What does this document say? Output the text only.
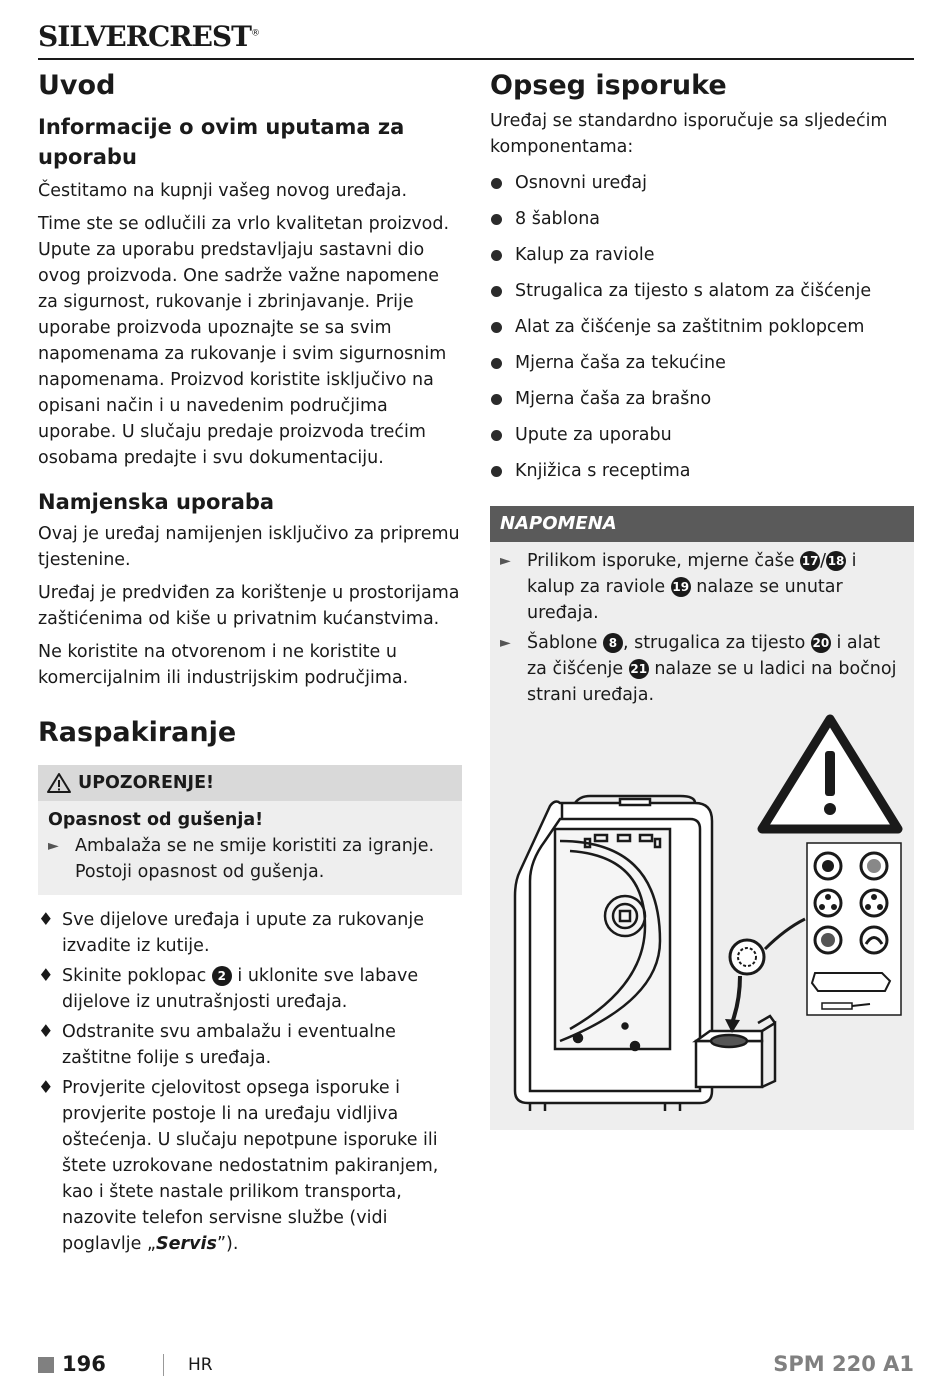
SILVERCREST®
Uvod
Informacije o ovim uputama za uporabu

Čestitamo na kupnji vašeg novog uređaja.

Time ste se odlučili za vrlo kvalitetan proizvod. Upute za uporabu predstavljaju sastavni dio ovog proizvoda. One sadrže važne napomene za sigurnost, rukovanje i zbrinjavanje. Prije uporabe proizvoda upoznajte se sa svim napomenama za rukovanje i svim sigurnosnim napomenama. Proizvod koristite isključivo na opisani način i u navedenim područjima uporabe. U slučaju predaje proizvoda trećim osobama predajte i svu dokumentaciju.

Namjenska uporaba

Ovaj je uređaj namijenjen isključivo za pripremu tjestenine.

Uređaj je predviđen za korištenje u prostorijama zaštićenima od kiše u privatnim kućanstvima.

Ne koristite na otvorenom i ne koristite u komercijalnim ili industrijskim područjima.

Raspakiranje
UPOZORENJE!
Opasnost od gušenja!
► Ambalaža se ne smije koristiti za igranje. Postoji opasnost od gušenja.
♦ Sve dijelove uređaja i upute za rukovanje izvadite iz kutije.
♦ Skinite poklopac 2 i uklonite sve labave dijelove iz unutrašnjosti uređaja.
♦ Odstranite svu ambalažu i eventualne zaštitne folije s uređaja.
♦ Provjerite cjelovitost opsega isporuke i provjerite postoje li na uređaju vidljiva oštećenja. U slučaju nepotpune isporuke ili štete uzrokovane nedostatnim pakiranjem, kao i štete nastale prilikom transporta, nazovite telefon servisne službe (vidi poglavlje „Servis”).
Opseg isporuke

Uređaj se standardno isporučuje sa sljedećim komponentama:

Osnovni uređaj
8 šablona
Kalup za raviole
Strugalica za tijesto s alatom za čišćenje
Alat za čišćenje sa zaštitnim poklopcem
Mjerna čaša za tekućine
Mjerna čaša za brašno
Upute za uporabu
Knjižica s receptima
NAPOMENA
► Prilikom isporuke, mjerne čaše 17/ 18 i kalup za raviole 19 nalaze se unutar uređaja.
► Šablone 8 , strugalica za tijesto 20 i alat za čišćenje 21 nalaze se u ladici na bočnoj strani uređaja.
196	HR	SPM 220 A1
